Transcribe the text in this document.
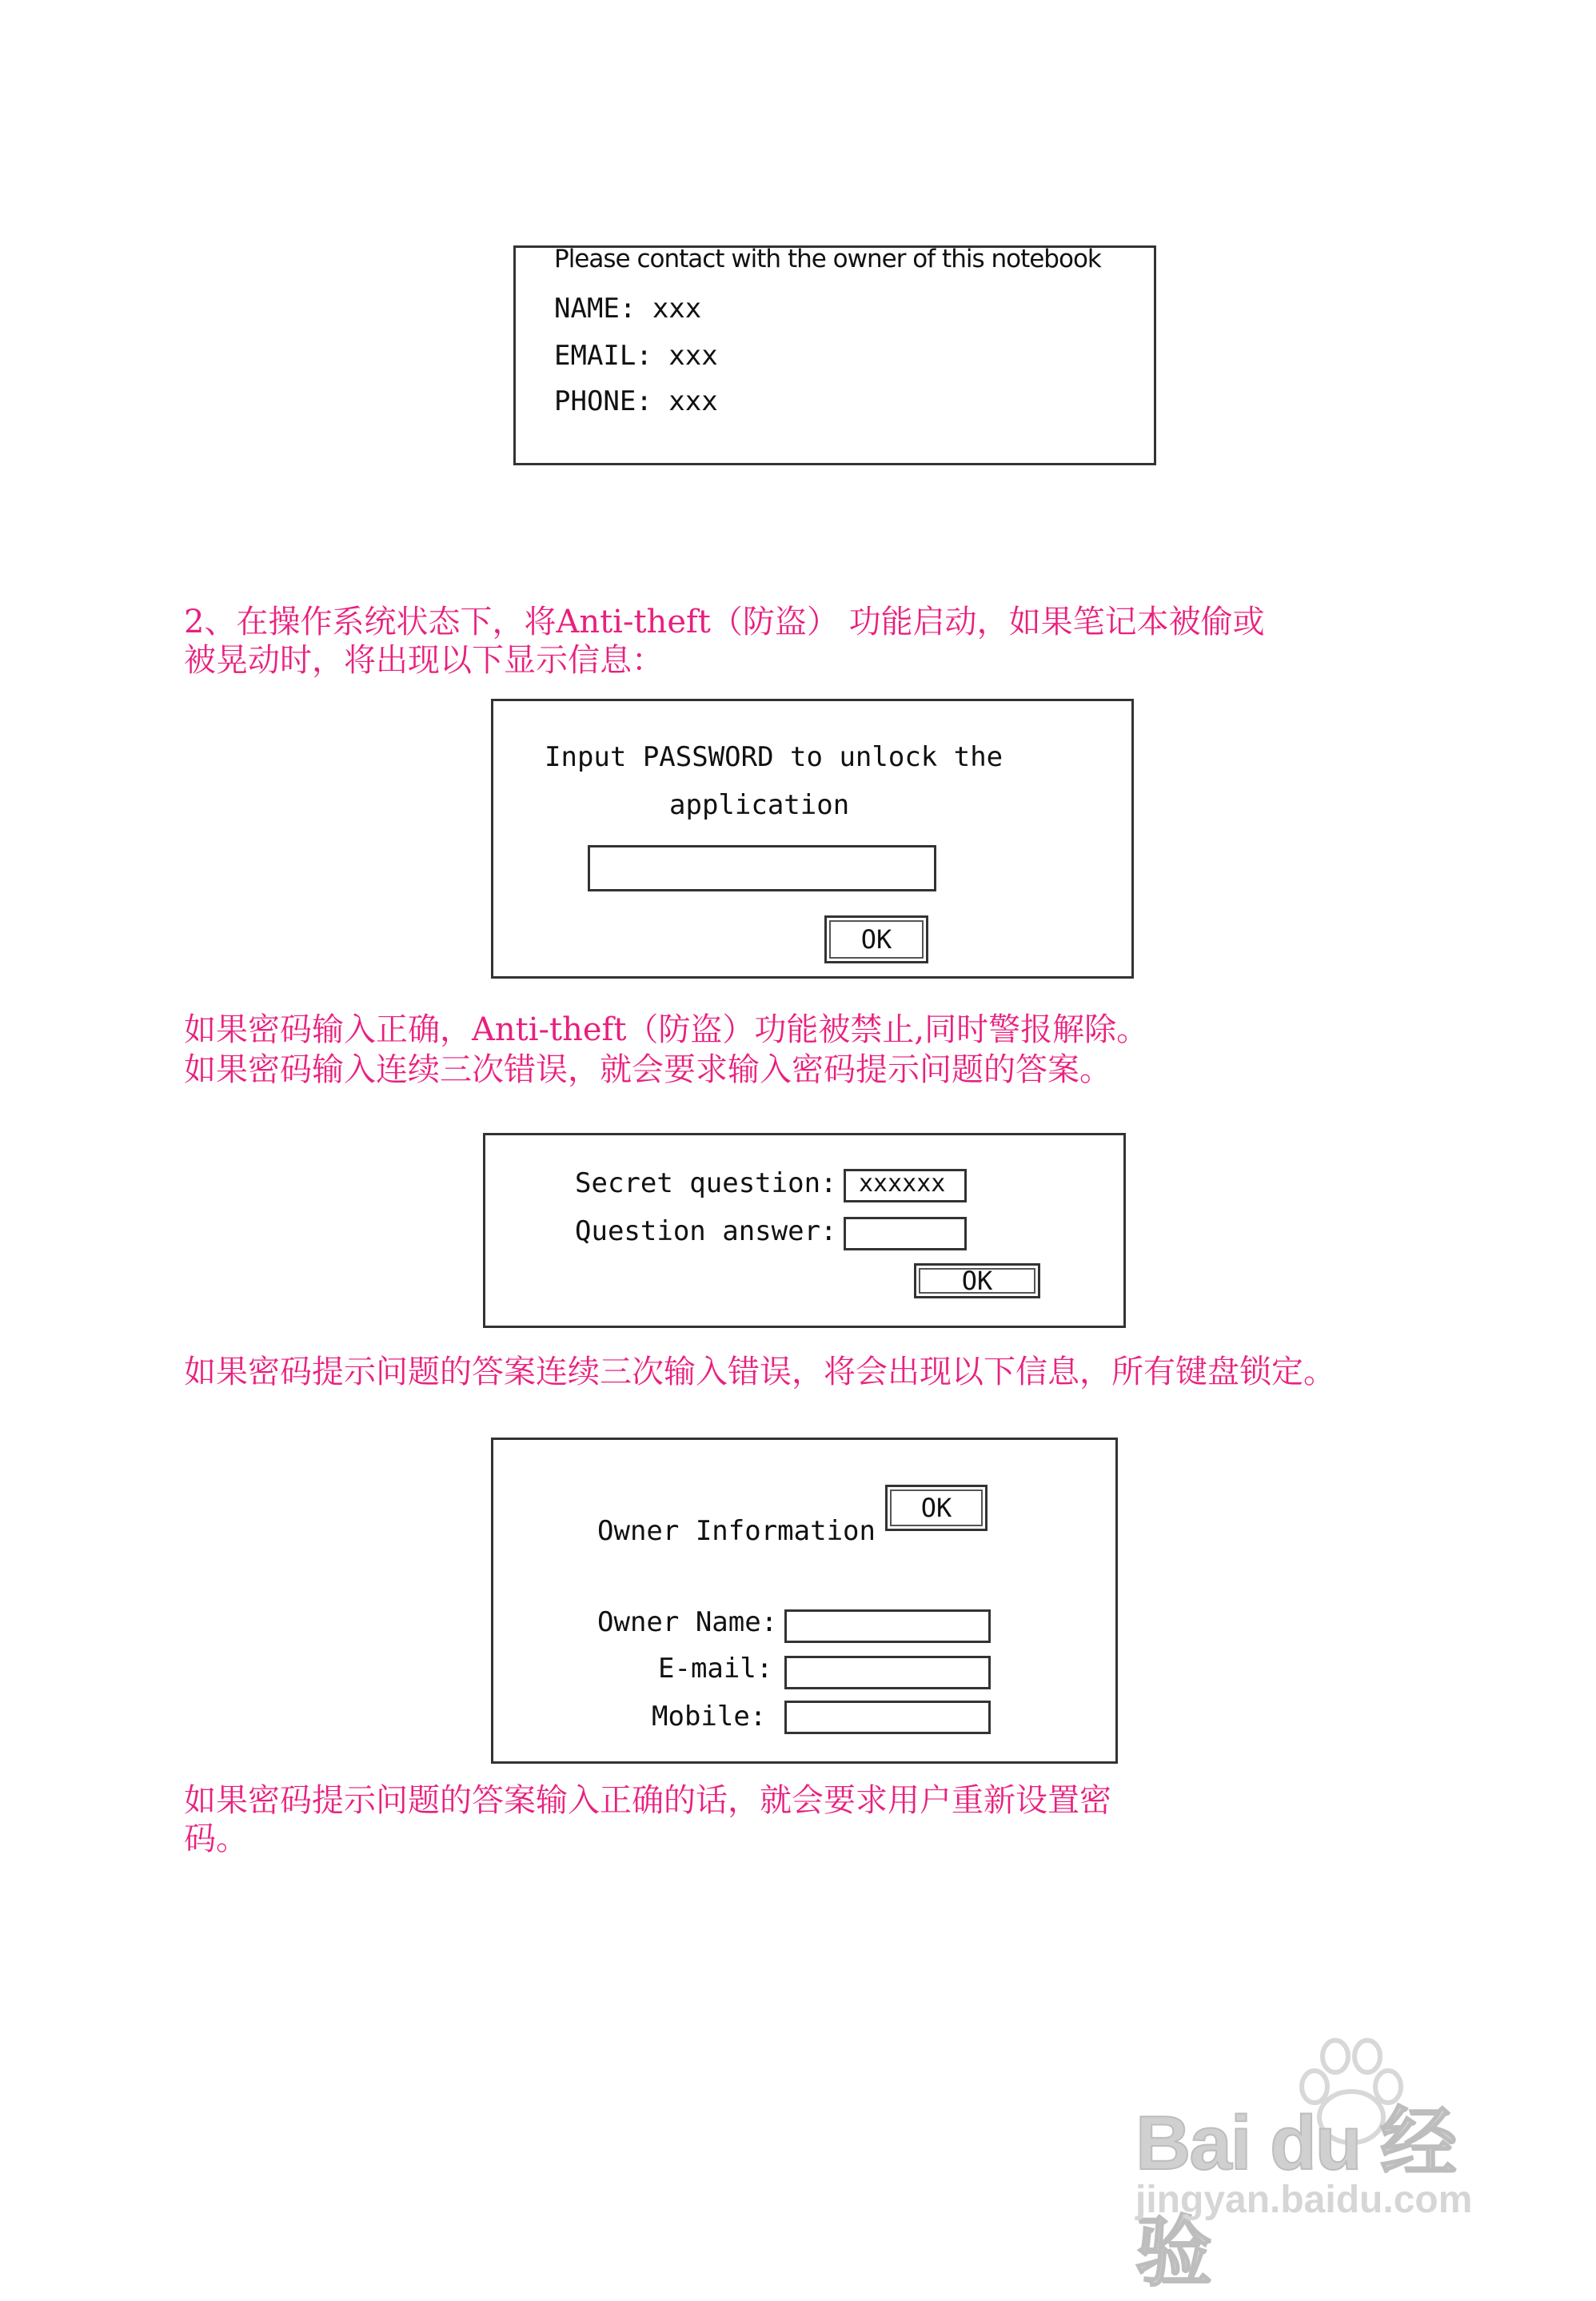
Please contact with the owner of this notebook
NAME: xxx
EMAIL: xxx
PHONE: xxx
2、在操作系统状态下，将Anti-theft（防盗） 功能启动，如果笔记本被偷或
被晃动时，将出现以下显示信息：
Input PASSWORD to unlock the
application
OK
如果密码输入正确，Anti-theft（防盗）功能被禁止,同时警报解除。
如果密码输入连续三次错误，就会要求输入密码提示问题的答案。
Secret question: xxxxxx
Question answer:
OK
如果密码提示问题的答案连续三次输入错误，将会出现以下信息，所有键盘锁定。
Owner Information
OK
Owner Name:
E-mail:
Mobile:
如果密码提示问题的答案输入正确的话，就会要求用户重新设置密
码。
Bai du 经验
jingyan.baidu.com
